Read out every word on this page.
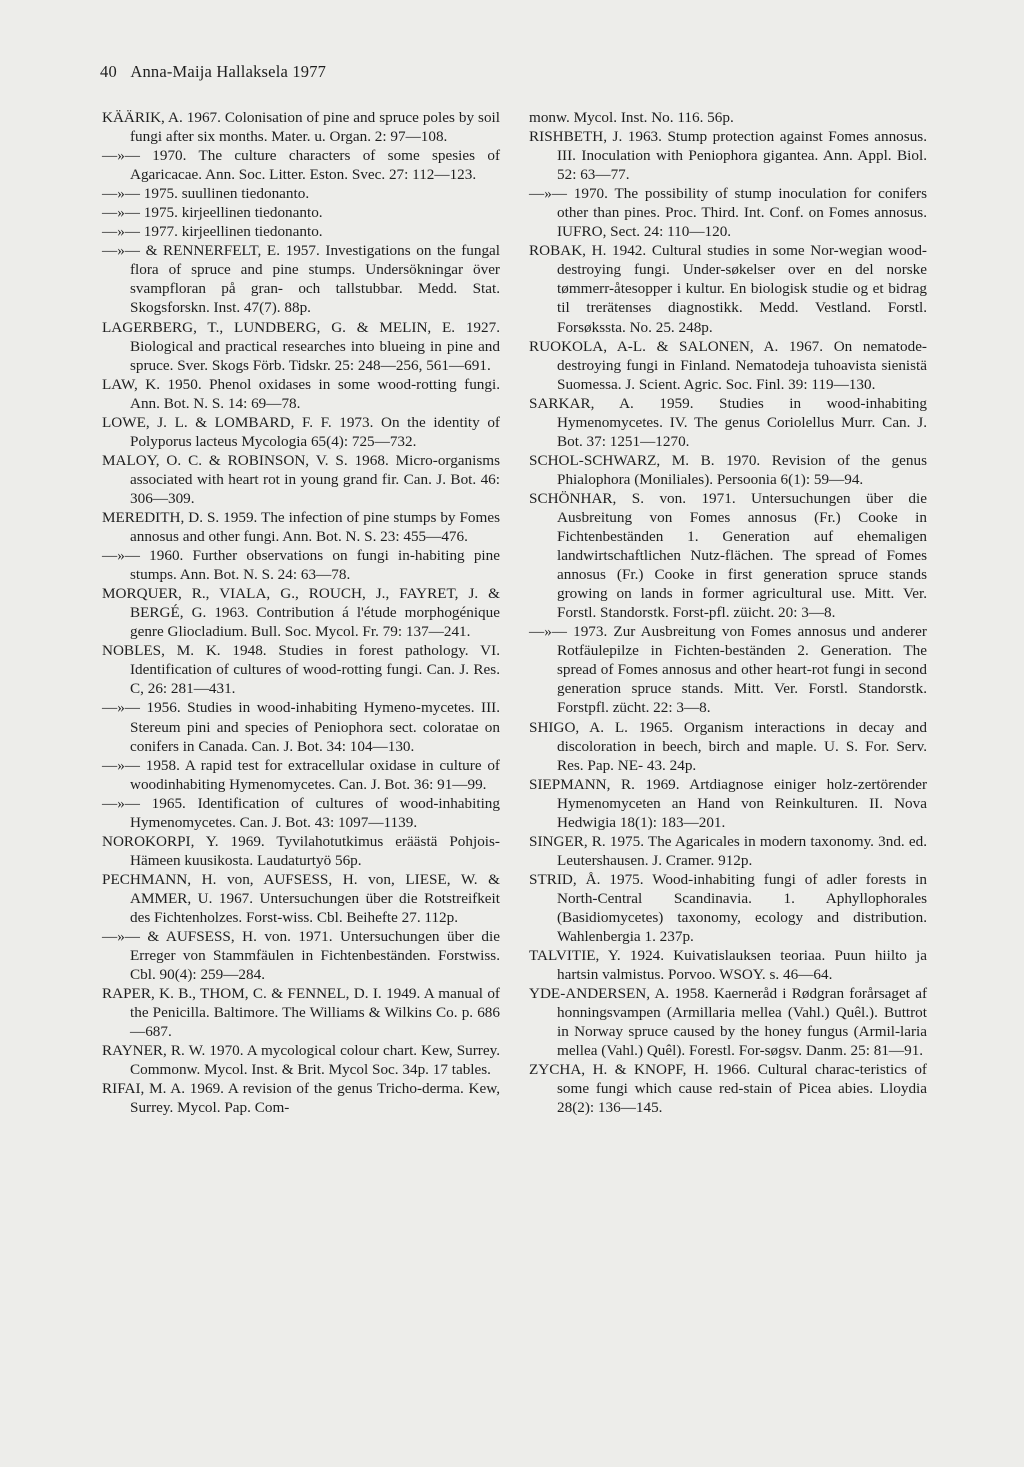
40 Anna-Maija Hallaksela 1977

KÄÄRIK, A. 1967. Colonisation of pine and spruce poles by soil fungi after six months. Mater. u. Organ. 2: 97—108.

—»— 1970. The culture characters of some spesies of Agaricacae. Ann. Soc. Litter. Eston. Svec. 27: 112—123.

—»— 1975. suullinen tiedonanto.

—»— 1975. kirjeellinen tiedonanto.

—»— 1977. kirjeellinen tiedonanto.

—»— & RENNERFELT, E. 1957. Investigations on the fungal flora of spruce and pine stumps. Undersökningar över svampfloran på gran- och tallstubbar. Medd. Stat. Skogsforskn. Inst. 47(7). 88p.

LAGERBERG, T., LUNDBERG, G. & MELIN, E. 1927. Biological and practical researches into blueing in pine and spruce. Sver. Skogs Förb. Tidskr. 25: 248—256, 561—691.

LAW, K. 1950. Phenol oxidases in some wood-rotting fungi. Ann. Bot. N. S. 14: 69—78.

LOWE, J. L. & LOMBARD, F. F. 1973. On the identity of Polyporus lacteus Mycologia 65(4): 725—732.

MALOY, O. C. & ROBINSON, V. S. 1968. Micro-organisms associated with heart rot in young grand fir. Can. J. Bot. 46: 306—309.

MEREDITH, D. S. 1959. The infection of pine stumps by Fomes annosus and other fungi. Ann. Bot. N. S. 23: 455—476.

—»— 1960. Further observations on fungi in-habiting pine stumps. Ann. Bot. N. S. 24: 63—78.

MORQUER, R., VIALA, G., ROUCH, J., FAYRET, J. & BERGÉ, G. 1963. Contribution á l'étude morphogénique genre Gliocladium. Bull. Soc. Mycol. Fr. 79: 137—241.

NOBLES, M. K. 1948. Studies in forest pathology. VI. Identification of cultures of wood-rotting fungi. Can. J. Res. C, 26: 281—431.

—»— 1956. Studies in wood-inhabiting Hymeno-mycetes. III. Stereum pini and species of Peniophora sect. coloratae on conifers in Canada. Can. J. Bot. 34: 104—130.

—»— 1958. A rapid test for extracellular oxidase in culture of woodinhabiting Hymenomycetes. Can. J. Bot. 36: 91—99.

—»— 1965. Identification of cultures of wood-inhabiting Hymenomycetes. Can. J. Bot. 43: 1097—1139.

NOROKORPI, Y. 1969. Tyvilahotutkimus eräästä Pohjois-Hämeen kuusikosta. Laudaturtyö 56p.

PECHMANN, H. von, AUFSESS, H. von, LIESE, W. & AMMER, U. 1967. Untersuchungen über die Rotstreifkeit des Fichtenholzes. Forst-wiss. Cbl. Beihefte 27. 112p.

—»— & AUFSESS, H. von. 1971. Untersuchungen über die Erreger von Stammfäulen in Fichtenbeständen. Forstwiss. Cbl. 90(4): 259—284.

RAPER, K. B., THOM, C. & FENNEL, D. I. 1949. A manual of the Penicilla. Baltimore. The Williams & Wilkins Co. p. 686—687.

RAYNER, R. W. 1970. A mycological colour chart. Kew, Surrey. Commonw. Mycol. Inst. & Brit. Mycol Soc. 34p. 17 tables.

RIFAI, M. A. 1969. A revision of the genus Tricho-derma. Kew, Surrey. Mycol. Pap. Com-

monw. Mycol. Inst. No. 116. 56p.

RISHBETH, J. 1963. Stump protection against Fomes annosus. III. Inoculation with Peniophora gigantea. Ann. Appl. Biol. 52: 63—77.

—»— 1970. The possibility of stump inoculation for conifers other than pines. Proc. Third. Int. Conf. on Fomes annosus. IUFRO, Sect. 24: 110—120.

ROBAK, H. 1942. Cultural studies in some Nor-wegian wood-destroying fungi. Under-søkelser over en del norske tømmerr-åtesopper i kultur. En biologisk studie og et bidrag til trerätenses diagnostikk. Medd. Vestland. Forstl. Forsøkssta. No. 25. 248p.

RUOKOLA, A-L. & SALONEN, A. 1967. On nematode-destroying fungi in Finland. Nematodeja tuhoavista sienistä Suomessa. J. Scient. Agric. Soc. Finl. 39: 119—130.

SARKAR, A. 1959. Studies in wood-inhabiting Hymenomycetes. IV. The genus Coriolellus Murr. Can. J. Bot. 37: 1251—1270.

SCHOL-SCHWARZ, M. B. 1970. Revision of the genus Phialophora (Moniliales). Persoonia 6(1): 59—94.

SCHÖNHAR, S. von. 1971. Untersuchungen über die Ausbreitung von Fomes annosus (Fr.) Cooke in Fichtenbeständen 1. Generation auf ehemaligen landwirtschaftlichen Nutz-flächen. The spread of Fomes annosus (Fr.) Cooke in first generation spruce stands growing on lands in former agricultural use. Mitt. Ver. Forstl. Standorstk. Forst-pfl. züicht. 20: 3—8.

—»— 1973. Zur Ausbreitung von Fomes annosus und anderer Rotfäulepilze in Fichten-beständen 2. Generation. The spread of Fomes annosus and other heart-rot fungi in second generation spruce stands. Mitt. Ver. Forstl. Standorstk. Forstpfl. zücht. 22: 3—8.

SHIGO, A. L. 1965. Organism interactions in decay and discoloration in beech, birch and maple. U. S. For. Serv. Res. Pap. NE- 43. 24p.

SIEPMANN, R. 1969. Artdiagnose einiger holz-zertörender Hymenomyceten an Hand von Reinkulturen. II. Nova Hedwigia 18(1): 183—201.

SINGER, R. 1975. The Agaricales in modern taxonomy. 3nd. ed. Leutershausen. J. Cramer. 912p.

STRID, Å. 1975. Wood-inhabiting fungi of adler forests in North-Central Scandinavia. 1. Aphyllophorales (Basidiomycetes) taxonomy, ecology and distribution. Wahlenbergia 1. 237p.

TALVITIE, Y. 1924. Kuivatislauksen teoriaa. Puun hiilto ja hartsin valmistus. Porvoo. WSOY. s. 46—64.

YDE-ANDERSEN, A. 1958. Kaerneråd i Rødgran forårsaget af honningsvampen (Armillaria mellea (Vahl.) Quêl.). Buttrot in Norway spruce caused by the honey fungus (Armil-laria mellea (Vahl.) Quêl). Forestl. For-søgsv. Danm. 25: 81—91.

ZYCHA, H. & KNOPF, H. 1966. Cultural charac-teristics of some fungi which cause red-stain of Picea abies. Lloydia 28(2): 136—145.
